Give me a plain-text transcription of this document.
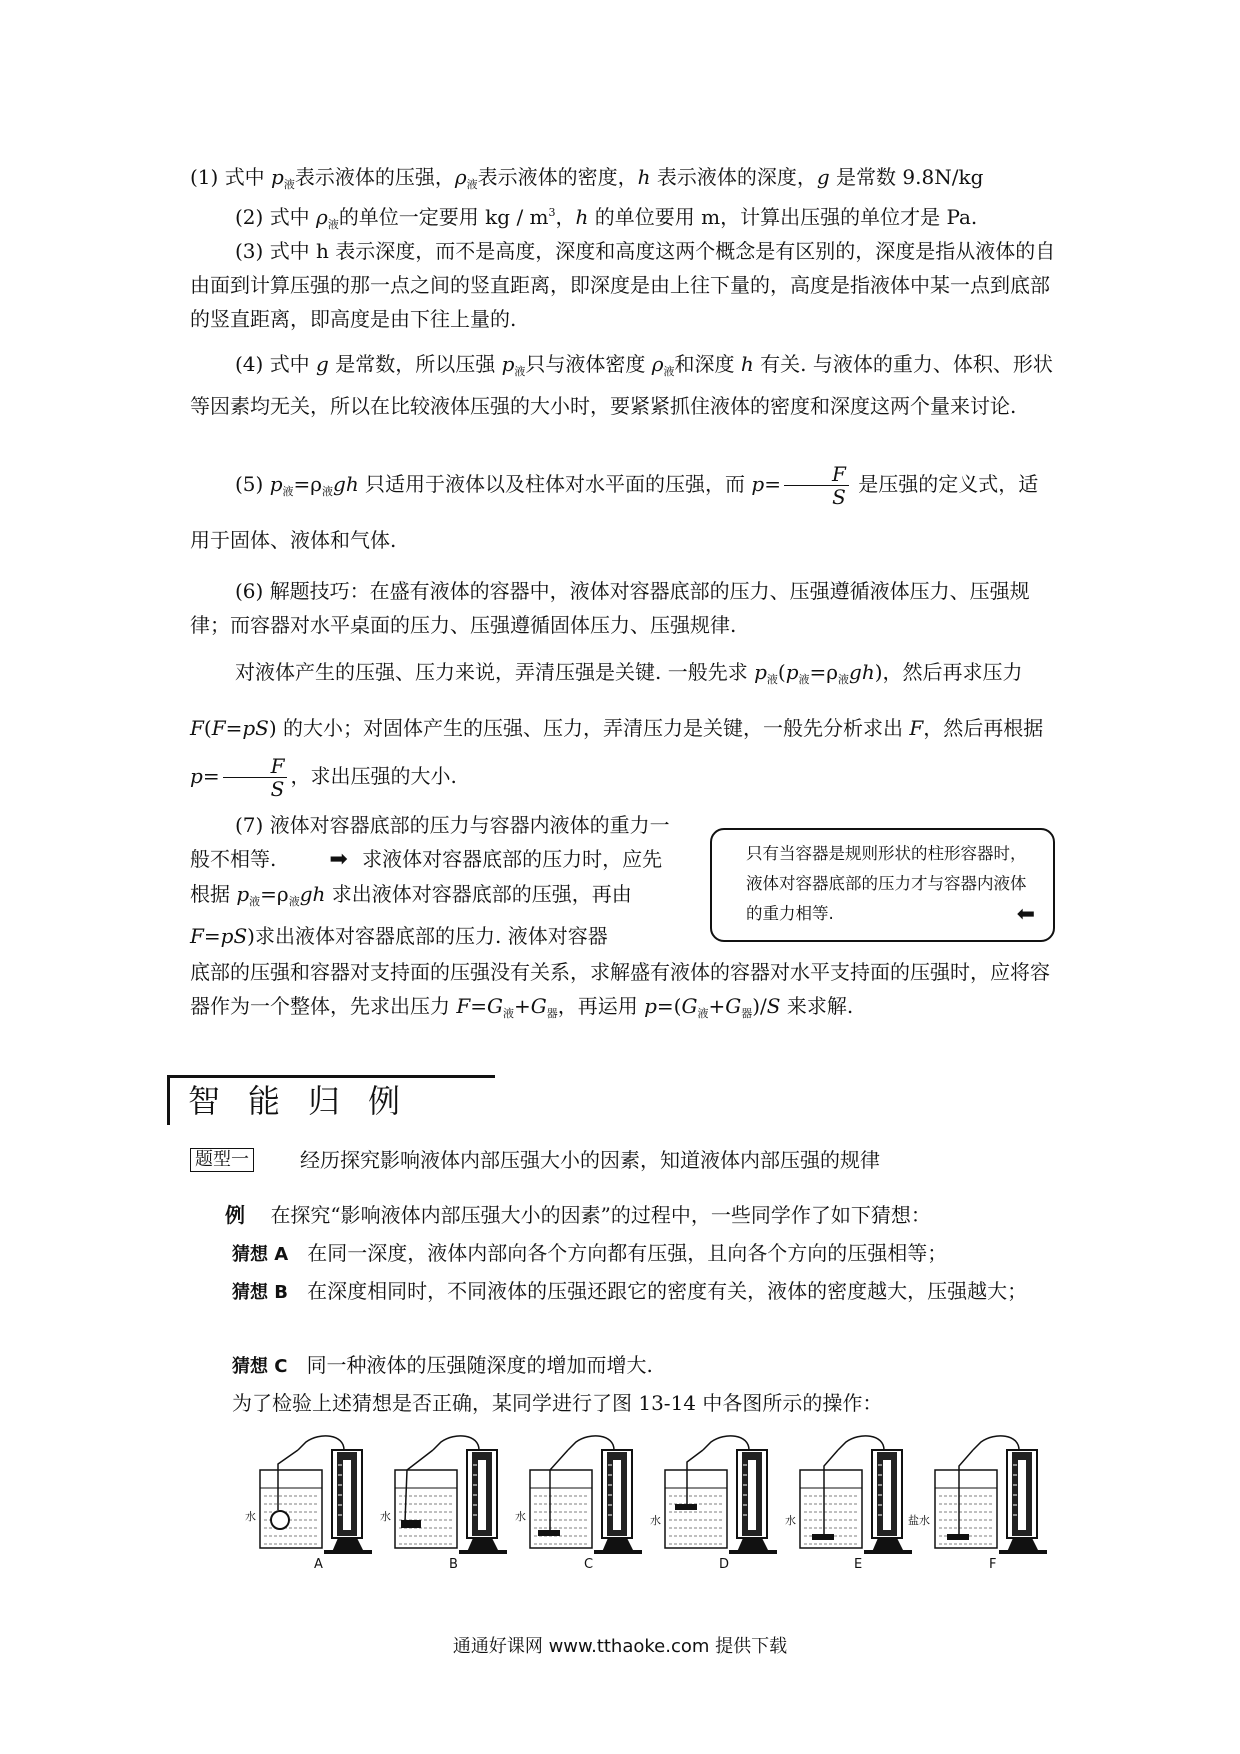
(1) 式中 $p_液$表示液体的压强，$\rho_液$表示液体的密度，h 表示液体的深度，g 是常数 9.8N/kg

(2) 式中 $\rho_液$的单位一定要用 kg / $m^3$，h 的单位要用 m，计算出压强的单位才是 Pa.

(3) 式中 h 表示深度，而不是高度，深度和高度这两个概念是有区别的，深度是指从液体的自由面到计算压强的那一点之间的竖直距离，即深度是由上往下量的，高度是指液体中某一点到底部的竖直距离，即高度是由下往上量的.

(4) 式中 g 是常数，所以压强 $p_液$只与液体密度 $\rho_液$和深度 h 有关. 与液体的重力、体积、形状等因素均无关，所以在比较液体压强的大小时，要紧紧抓住液体的密度和深度这两个量来讨论.

(5) $p_液=\rho_液gh$ 只适用于液体以及柱体对水平面的压强，而 $p= \frac{F}{S}$ 是压强的定义式，适用于固体、液体和气体.

(6) 解题技巧：在盛有液体的容器中，液体对容器底部的压力、压强遵循液体压力、压强规律；而容器对水平桌面的压力、压强遵循固体压力、压强规律.

对液体产生的压强、压力来说，弄清压强是关键. 一般先求 $p_液(p_液=\rho_液gh)$，然后再求压力 F(F=pS) 的大小；对固体产生的压强、压力，弄清压力是关键，一般先分析求出 F，然后再根据 $p= \frac{F}{S}$ ，求出压强的大小.

(7) 液体对容器底部的压力与容器内液体的重力一般不相等. ➡ 求液体对容器底部的压力时，应先根据 $p_液=\rho_液gh$ 求出液体对容器底部的压强，再由 F=pS)求出液体对容器底部的压力. 液体对容器

底部的压强和容器对支持面的压强没有关系，求解盛有液体的容器对水平支持面的压强时，应将容器作为一个整体，先求出压力 $F=G_液+G_器$，再运用 $p=(G_液+G_器)/S$ 来求解.

只有当容器是规则形状的柱形容器时，液体对容器底部的压力才与容器内液体的重力相等.	⬅
智能归例
题型一	经历探究影响液体内部压强大小的因素，知道液体内部压强的规律

例 在探究“影响液体内部压强大小的因素”的过程中，一些同学作了如下猜想：

猜想 A 在同一深度，液体内部向各个方向都有压强，且向各个方向的压强相等；

猜想 B 在深度相同时，不同液体的压强还跟它的密度有关，液体的密度越大，压强越大；

猜想 C 同一种液体的压强随深度的增加而增大.

为了检验上述猜想是否正确，某同学进行了图 13-14 中各图所示的操作：

水	水	水	水	水	盐水
A	B	C	D	E	F
通通好课网 www.tthaoke.com 提供下载
